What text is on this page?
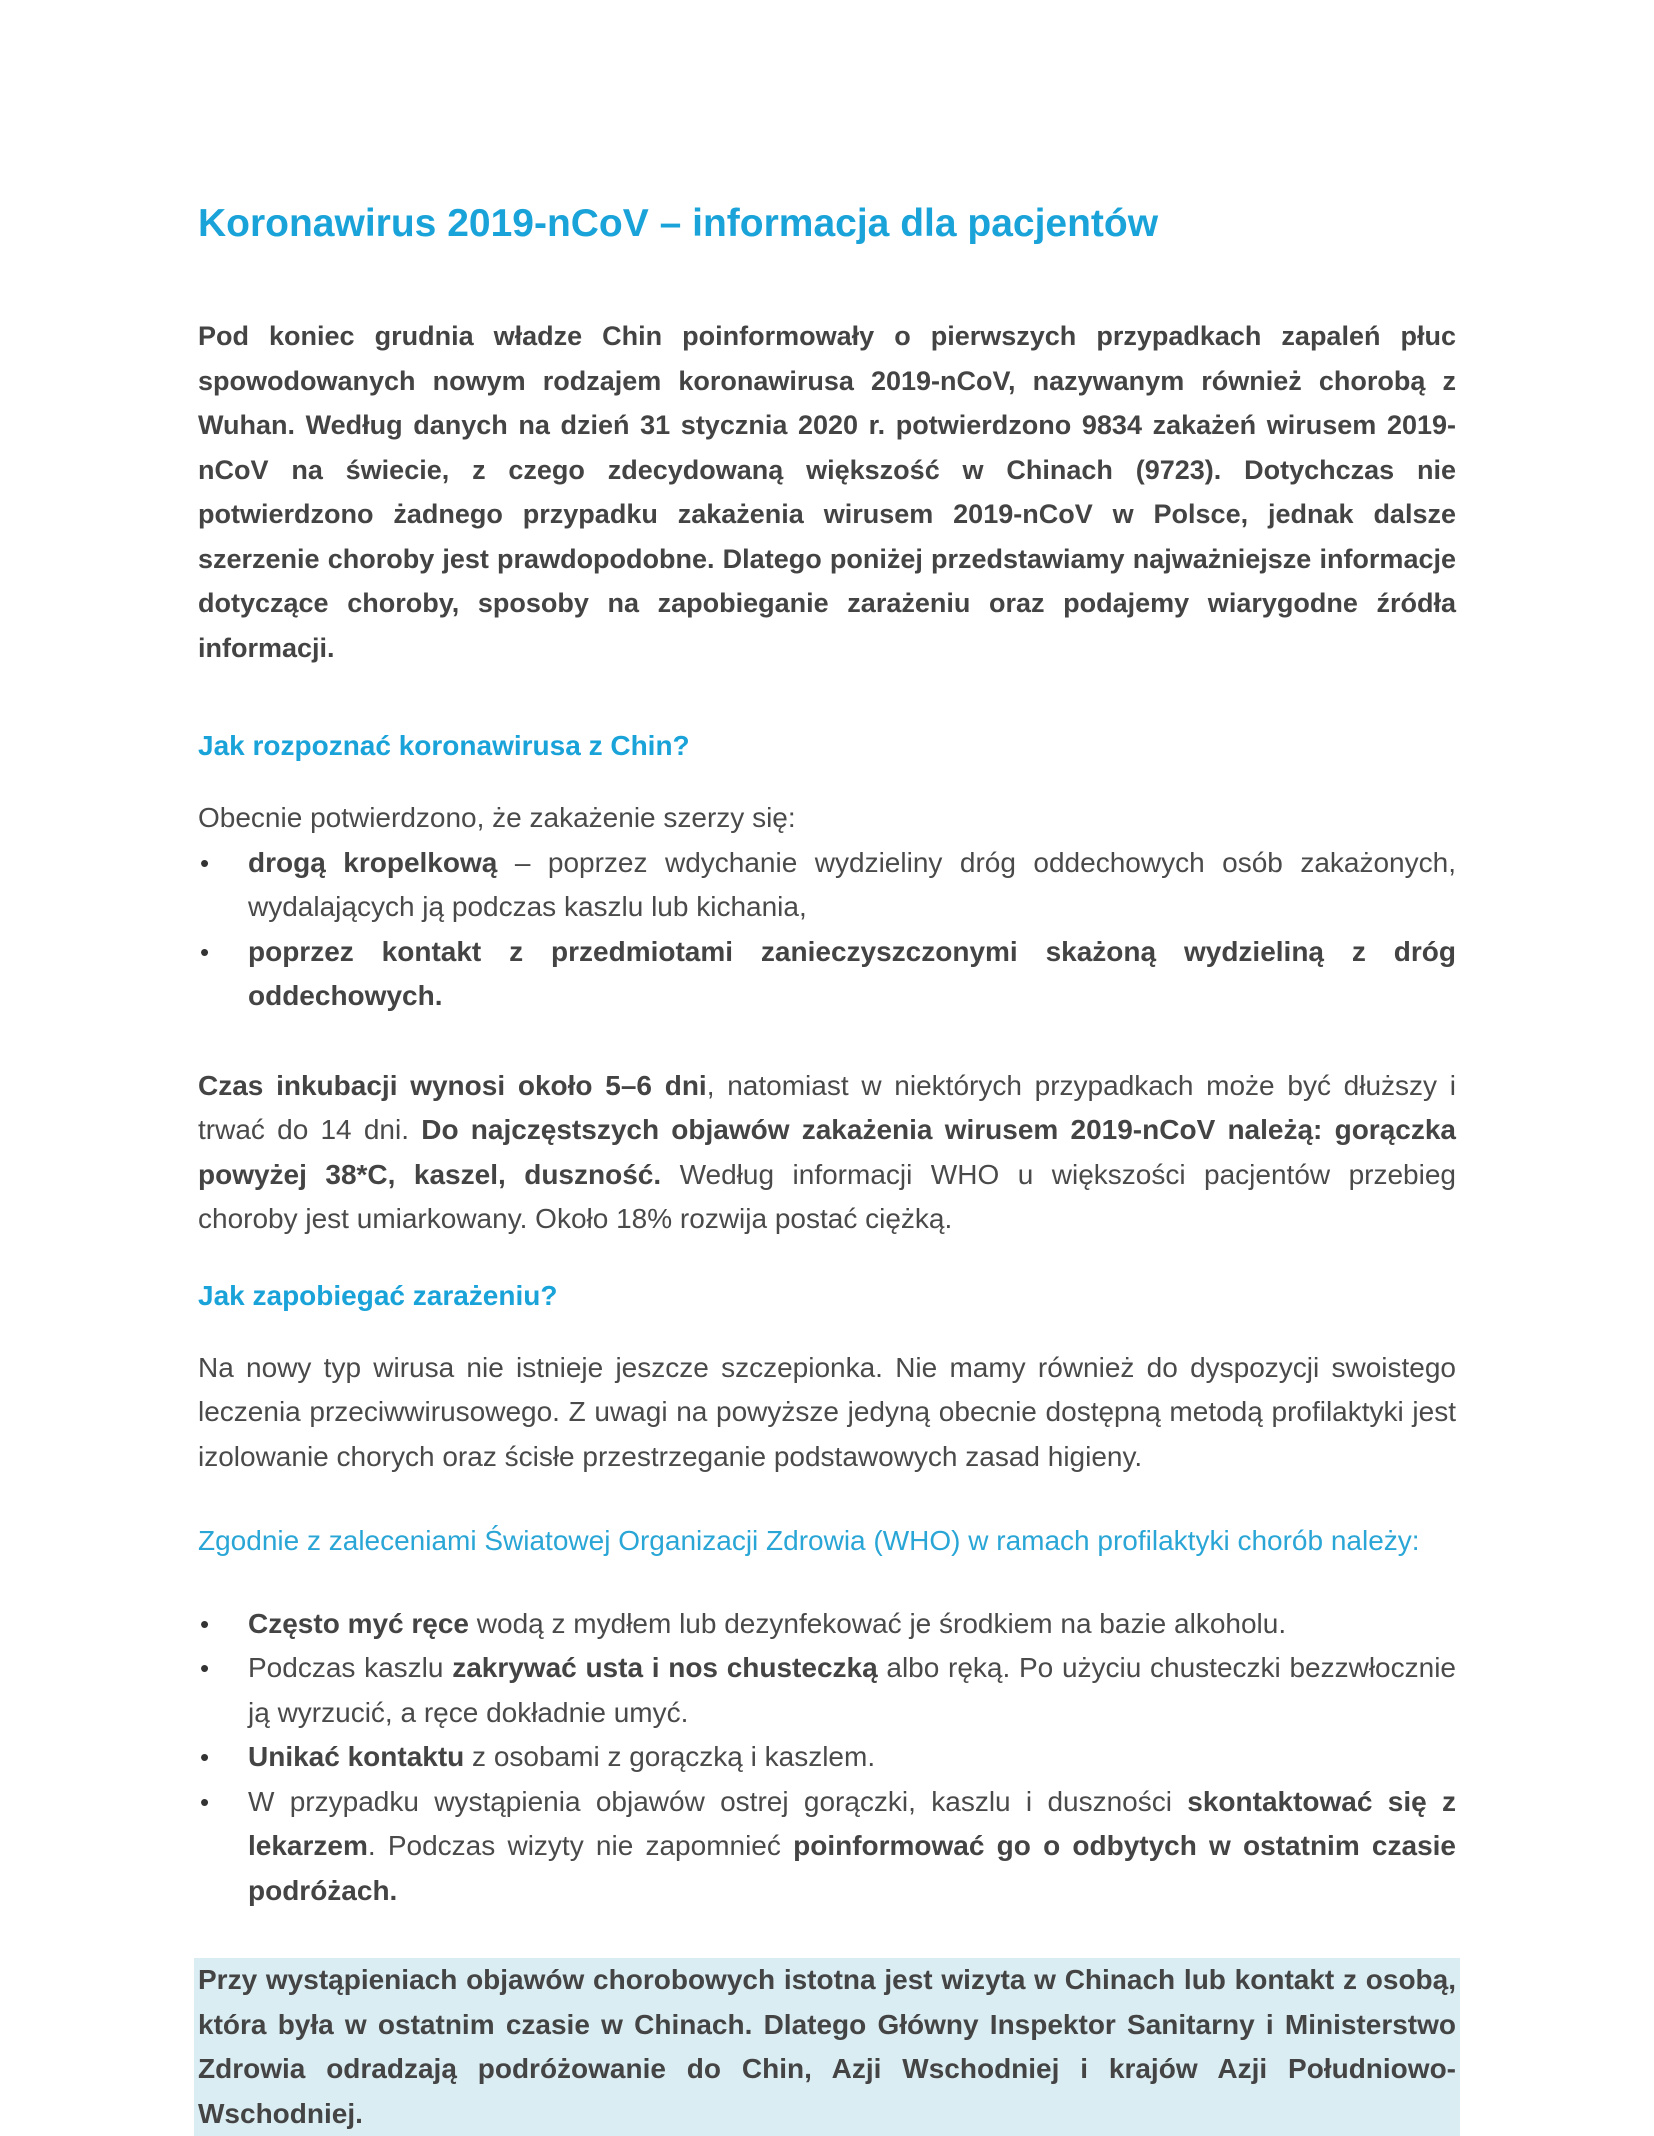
Koronawirus 2019-nCoV – informacja dla pacjentów
Pod koniec grudnia władze Chin poinformowały o pierwszych przypadkach zapaleń płuc spowodowanych nowym rodzajem koronawirusa 2019-nCoV, nazywanym również chorobą z Wuhan. Według danych na dzień 31 stycznia 2020 r. potwierdzono 9834 zakażeń wirusem 2019-nCoV na świecie, z czego zdecydowaną większość w Chinach (9723). Dotychczas nie potwierdzono żadnego przypadku zakażenia wirusem 2019-nCoV w Polsce, jednak dalsze szerzenie choroby jest prawdopodobne. Dlatego poniżej przedstawiamy najważniejsze informacje dotyczące choroby, sposoby na zapobieganie zarażeniu oraz podajemy wiarygodne źródła informacji.
Jak rozpoznać koronawirusa z Chin?

Obecnie potwierdzono, że zakażenie szerzy się:

• drogą kropelkową – poprzez wdychanie wydzieliny dróg oddechowych osób zakażonych, wydalających ją podczas kaszlu lub kichania,
• poprzez kontakt z przedmiotami zanieczyszczonymi skażoną wydzieliną z dróg oddechowych.

Czas inkubacji wynosi około 5–6 dni, natomiast w niektórych przypadkach może być dłuższy i trwać do 14 dni. Do najczęstszych objawów zakażenia wirusem 2019-nCoV należą: gorączka powyżej 38*C, kaszel, duszność. Według informacji WHO u większości pacjentów przebieg choroby jest umiarkowany. Około 18% rozwija postać ciężką.

Jak zapobiegać zarażeniu?

Na nowy typ wirusa nie istnieje jeszcze szczepionka. Nie mamy również do dyspozycji swoistego leczenia przeciwwirusowego. Z uwagi na powyższe jedyną obecnie dostępną metodą profilaktyki jest izolowanie chorych oraz ścisłe przestrzeganie podstawowych zasad higieny.

Zgodnie z zaleceniami Światowej Organizacji Zdrowia (WHO) w ramach profilaktyki chorób należy:

• Często myć ręce wodą z mydłem lub dezynfekować je środkiem na bazie alkoholu.
• Podczas kaszlu zakrywać usta i nos chusteczką albo ręką. Po użyciu chusteczki bezzwłocznie ją wyrzucić, a ręce dokładnie umyć.
• Unikać kontaktu z osobami z gorączką i kaszlem.
• W przypadku wystąpienia objawów ostrej gorączki, kaszlu i duszności skontaktować się z lekarzem. Podczas wizyty nie zapomnieć poinformować go o odbytych w ostatnim czasie podróżach.
Przy wystąpieniach objawów chorobowych istotna jest wizyta w Chinach lub kontakt z osobą, która była w ostatnim czasie w Chinach. Dlatego Główny Inspektor Sanitarny i Ministerstwo Zdrowia odradzają podróżowanie do Chin, Azji Wschodniej i krajów Azji Południowo-Wschodniej.
